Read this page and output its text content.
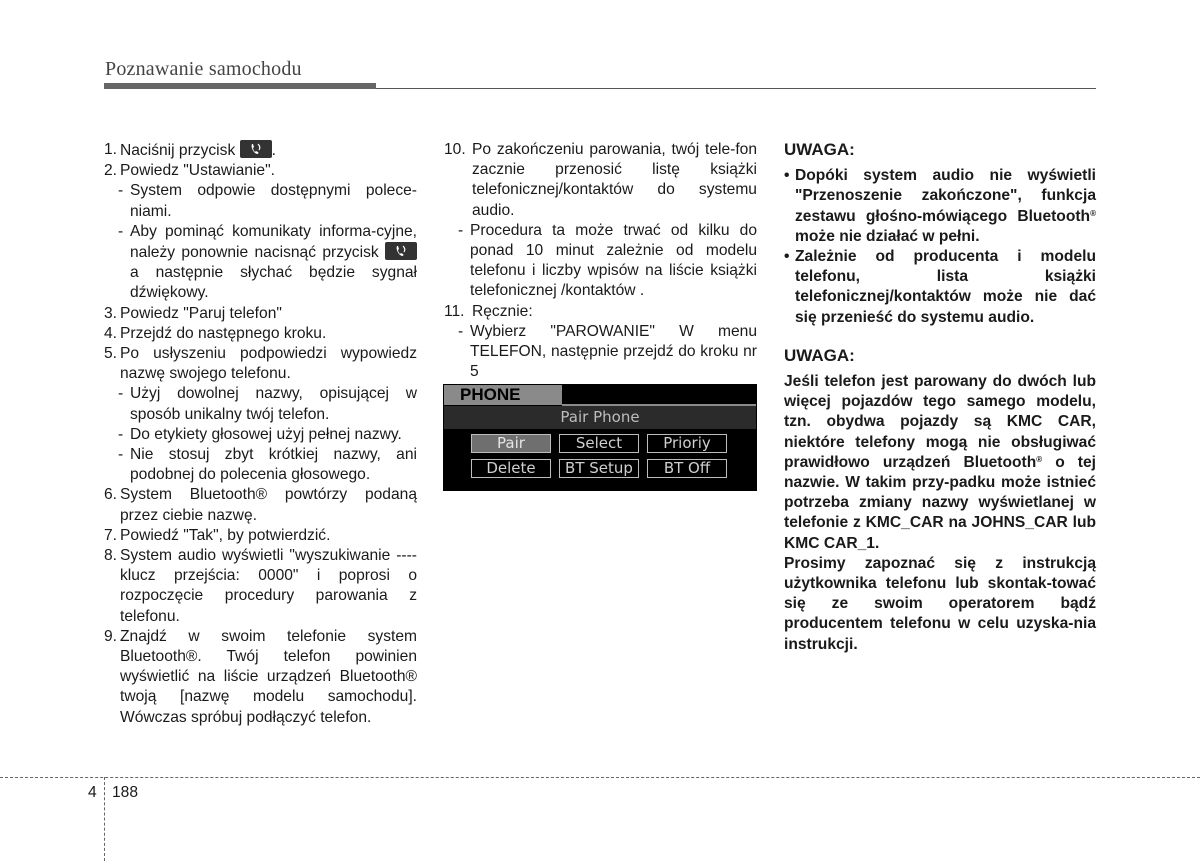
Poznawanie samochodu
1. Naciśnij przycisk .
2. Powiedz "Ustawianie".
- System odpowie dostępnymi polece-niami.
- Aby pominąć komunikaty informa-cyjne, należy ponownie nacisnąć przycisk
a następnie słychać będzie sygnał dźwiękowy.
3. Powiedz "Paruj telefon"
4. Przejdź do następnego kroku.
5. Po usłyszeniu podpowiedzi wypowiedz nazwę swojego telefonu.
- Użyj dowolnej nazwy, opisującej w sposób unikalny twój telefon.
- Do etykiety głosowej użyj pełnej nazwy.
- Nie stosuj zbyt krótkiej nazwy, ani podobnej do polecenia głosowego.
6. System Bluetooth® powtórzy podaną przez ciebie nazwę.
7. Powiedź "Tak", by potwierdzić.
8. System audio wyświetli "wyszukiwanie ---- klucz przejścia: 0000" i poprosi o rozpoczęcie procedury parowania z telefonu.
9. Znajdź w swoim telefonie system Bluetooth®. Twój telefon powinien wyświetlić na liście urządzeń Bluetooth® twoją [nazwę modelu samochodu]. Wówczas spróbuj podłączyć telefon.
10. Po zakończeniu parowania, twój tele-fon zacznie przenosić listę książki telefonicznej/kontaktów do systemu audio.
- Procedura ta może trwać od kilku do ponad 10 minut zależnie od modelu telefonu i liczby wpisów na liście książki telefonicznej /kontaktów .
11. Ręcznie:
- Wybierz "PAROWANIE" W menu TELEFON, następnie przejdź do kroku nr 5
PHONE
Pair Phone
Pair	Select	Prioriy
Delete	BT Setup	BT Off
UWAGA:
• Dopóki system audio nie wyświetli "Przenoszenie zakończone", funkcja zestawu głośno-mówiącego Bluetooth® może nie działać w pełni.
• Zależnie od producenta i modelu telefonu, lista książki telefonicznej/kontaktów może nie dać się przenieść do systemu audio.
UWAGA:
Jeśli telefon jest parowany do dwóch lub więcej pojazdów tego samego modelu, tzn. obydwa pojazdy są KMC CAR, niektóre telefony mogą nie obsługiwać prawidłowo urządzeń Bluetooth® o tej nazwie. W takim przy-padku może istnieć potrzeba zmiany nazwy wyświetlanej w telefonie z KMC_CAR na JOHNS_CAR lub KMC CAR_1.
Prosimy zapoznać się z instrukcją użytkownika telefonu lub skontak-tować się ze swoim operatorem bądź producentem telefonu w celu uzyska-nia instrukcji.
4 188
